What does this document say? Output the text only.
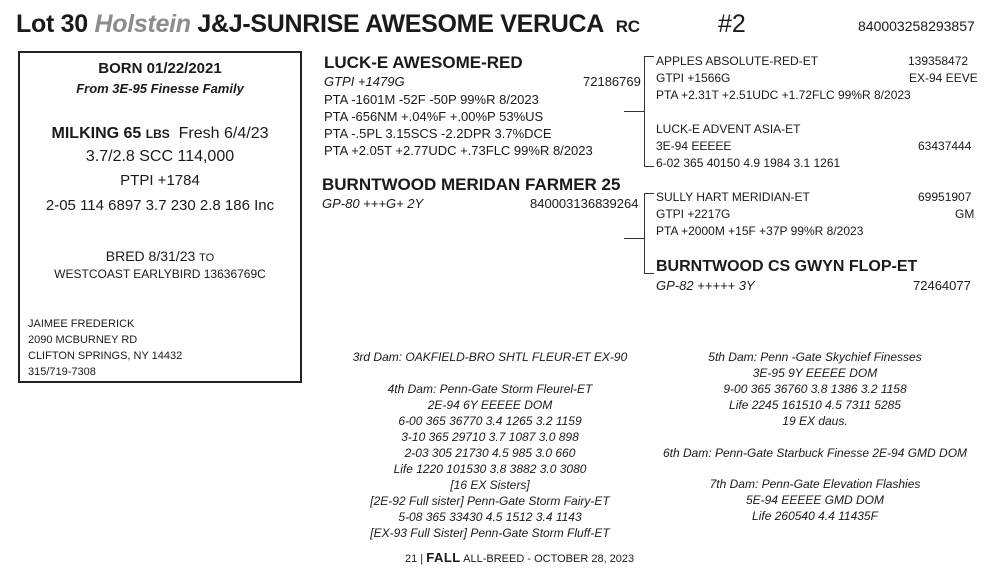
Lot 30 Holstein J&J-SUNRISE AWESOME VERUCA RC	#2	840003258293857
BORN 01/22/2021
From 3E-95 Finesse Family
MILKING 65 LBS Fresh 6/4/23
3.7/2.8 SCC 114,000
PTPI +1784
2-05 114 6897 3.7 230 2.8 186 Inc
BRED 8/31/23 TO
WESTCOAST EARLYBIRD 13636769C
JAIMEE FREDERICK
2090 MCBURNEY RD
CLIFTON SPRINGS, NY 14432
315/719-7308
LUCK-E AWESOME-RED
GTPI +1479G	72186769
PTA -1601M -52F -50P 99%R 8/2023
PTA -656NM +.04%F +.00%P 53%US
PTA -.5PL 3.15SCS -2.2DPR 3.7%DCE
PTA +2.05T +2.77UDC +.73FLC 99%R 8/2023
BURNTWOOD MERIDAN FARMER 25
GP-80 +++G+ 2Y	840003136839264
APPLES ABSOLUTE-RED-ET	139358472
GTPI +1566G	EX-94 EEVE
PTA +2.31T +2.51UDC +1.72FLC 99%R 8/2023
LUCK-E ADVENT ASIA-ET
3E-94 EEEEE	63437444
6-02 365 40150 4.9 1984 3.1 1261
SULLY HART MERIDIAN-ET	69951907
GTPI +2217G	GM
PTA +2000M +15F +37P 99%R 8/2023
BURNTWOOD CS GWYN FLOP-ET
GP-82 +++++ 3Y	72464077
3rd Dam: OAKFIELD-BRO SHTL FLEUR-ET EX-90
4th Dam: Penn-Gate Storm Fleurel-ET
2E-94 6Y EEEEE DOM
6-00 365 36770 3.4 1265 3.2 1159
3-10 365 29710 3.7 1087 3.0 898
2-03 305 21730 4.5 985 3.0 660
Life 1220 101530 3.8 3882 3.0 3080
[16 EX Sisters]
[2E-92 Full sister] Penn-Gate Storm Fairy-ET
5-08 365 33430 4.5 1512 3.4 1143
[EX-93 Full Sister] Penn-Gate Storm Fluff-ET
5th Dam: Penn -Gate Skychief Finesses
3E-95 9Y EEEEE DOM
9-00 365 36760 3.8 1386 3.2 1158
Life 2245 161510 4.5 7311 5285
19 EX daus.
6th Dam: Penn-Gate Starbuck Finesse 2E-94 GMD DOM
7th Dam: Penn-Gate Elevation Flashies
5E-94 EEEEE GMD DOM
Life 260540 4.4 11435F
21 | FALL ALL-BREED - OCTOBER 28, 2023
